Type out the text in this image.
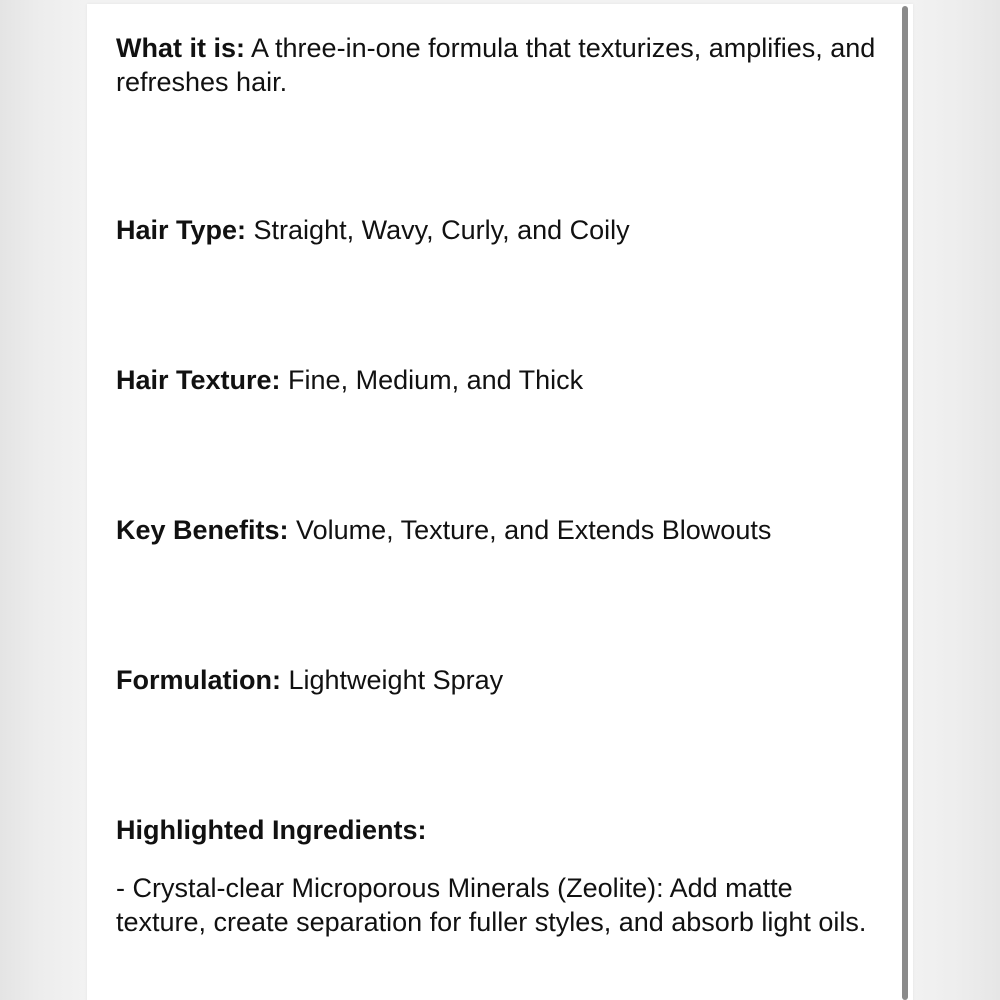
What it is: A three-in-one formula that texturizes, amplifies, and refreshes hair.

Hair Type: Straight, Wavy, Curly, and Coily

Hair Texture: Fine, Medium, and Thick

Key Benefits: Volume, Texture, and Extends Blowouts

Formulation: Lightweight Spray

Highlighted Ingredients:

- Crystal-clear Microporous Minerals (Zeolite): Add matte texture, create separation for fuller styles, and absorb light oils.
